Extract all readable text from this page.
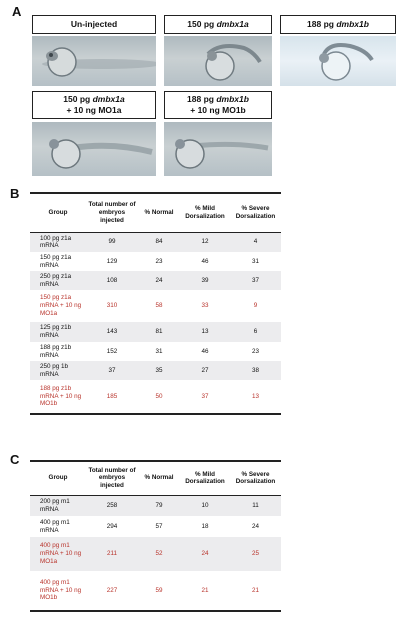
A
B
C
Un-injected	150 pg dmbx1a	188 pg dmbx1b
150 pg dmbx1a
+ 10 ng MO1a
188 pg dmbx1b
+ 10 ng MO1b
Group	Total number of embryos injected	% Normal	% Mild Dorsalization	% Severe Dorsalization
100 pg z1a mRNA	99	84	12	4
150 pg z1a mRNA	129	23	46	31
250 pg z1a mRNA	108	24	39	37
150 pg z1a mRNA + 10 ng MO1a	310	58	33	9
125 pg z1b mRNA	143	81	13	6
188 pg z1b mRNA	152	31	46	23
250 pg 1b mRNA	37	35	27	38
188 pg z1b mRNA + 10 ng MO1b	185	50	37	13
Group	Total number of embryos injected	% Normal	% Mild Dorsalization	% Severe Dorsalization
200 pg m1 mRNA	258	79	10	11
400 pg m1 mRNA	294	57	18	24
400 pg m1 mRNA + 10 ng MO1a	211	52	24	25
400 pg m1 mRNA + 10 ng MO1b	227	59	21	21
